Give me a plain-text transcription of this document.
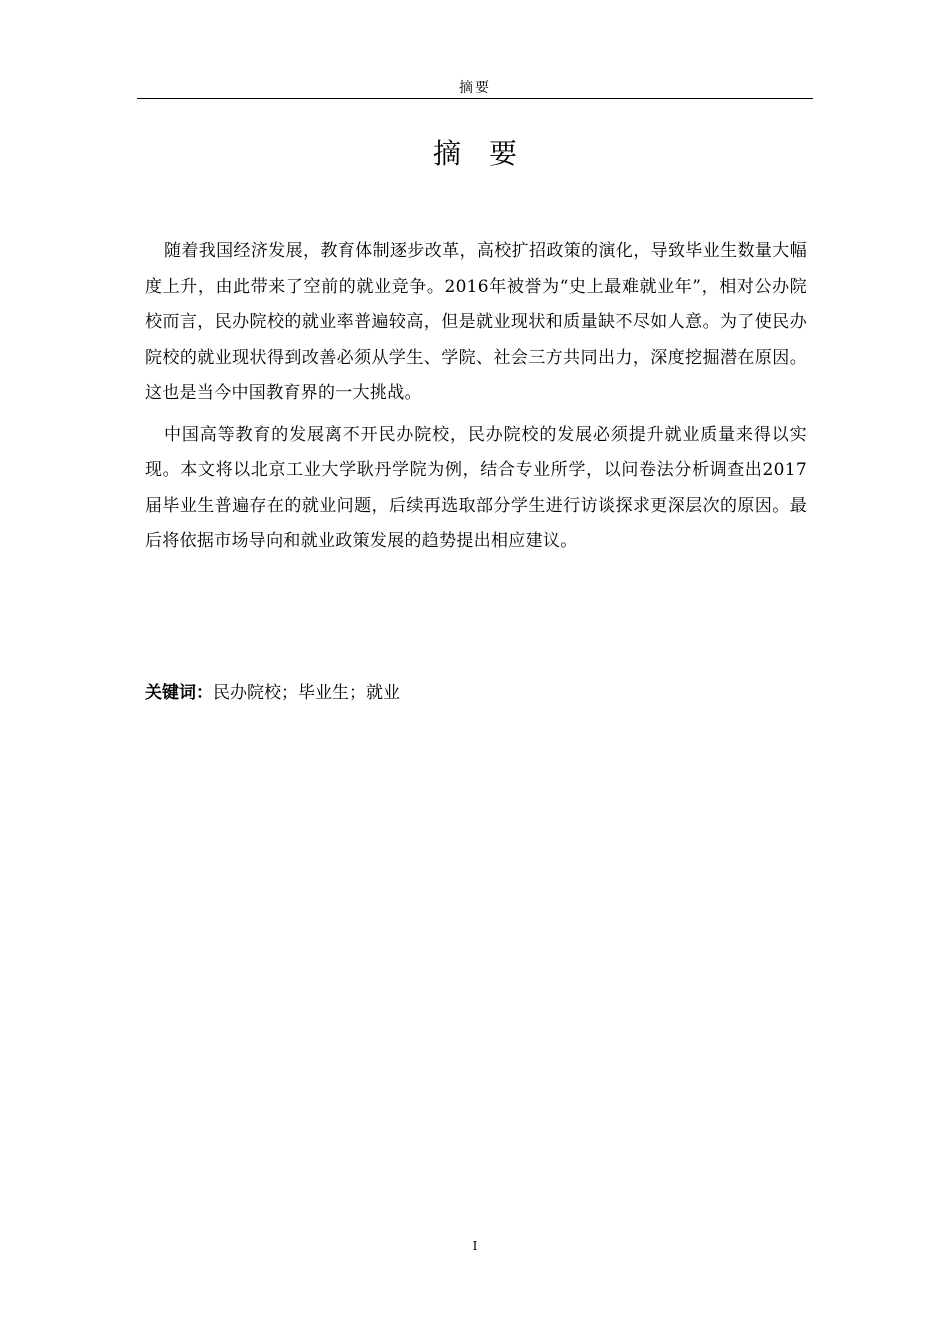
摘要
摘要

随着我国经济发展，教育体制逐步改革，高校扩招政策的演化，导致毕业生数量大幅度上升，由此带来了空前的就业竞争。2016年被誉为“史上最难就业年”，相对公办院校而言，民办院校的就业率普遍较高，但是就业现状和质量缺不尽如人意。为了使民办院校的就业现状得到改善必须从学生、学院、社会三方共同出力，深度挖掘潜在原因。这也是当今中国教育界的一大挑战。

中国高等教育的发展离不开民办院校，民办院校的发展必须提升就业质量来得以实现。本文将以北京工业大学耿丹学院为例，结合专业所学，以问卷法分析调查出2017届毕业生普遍存在的就业问题，后续再选取部分学生进行访谈探求更深层次的原因。最后将依据市场导向和就业政策发展的趋势提出相应建议。

关键词：民办院校；毕业生；就业
I
